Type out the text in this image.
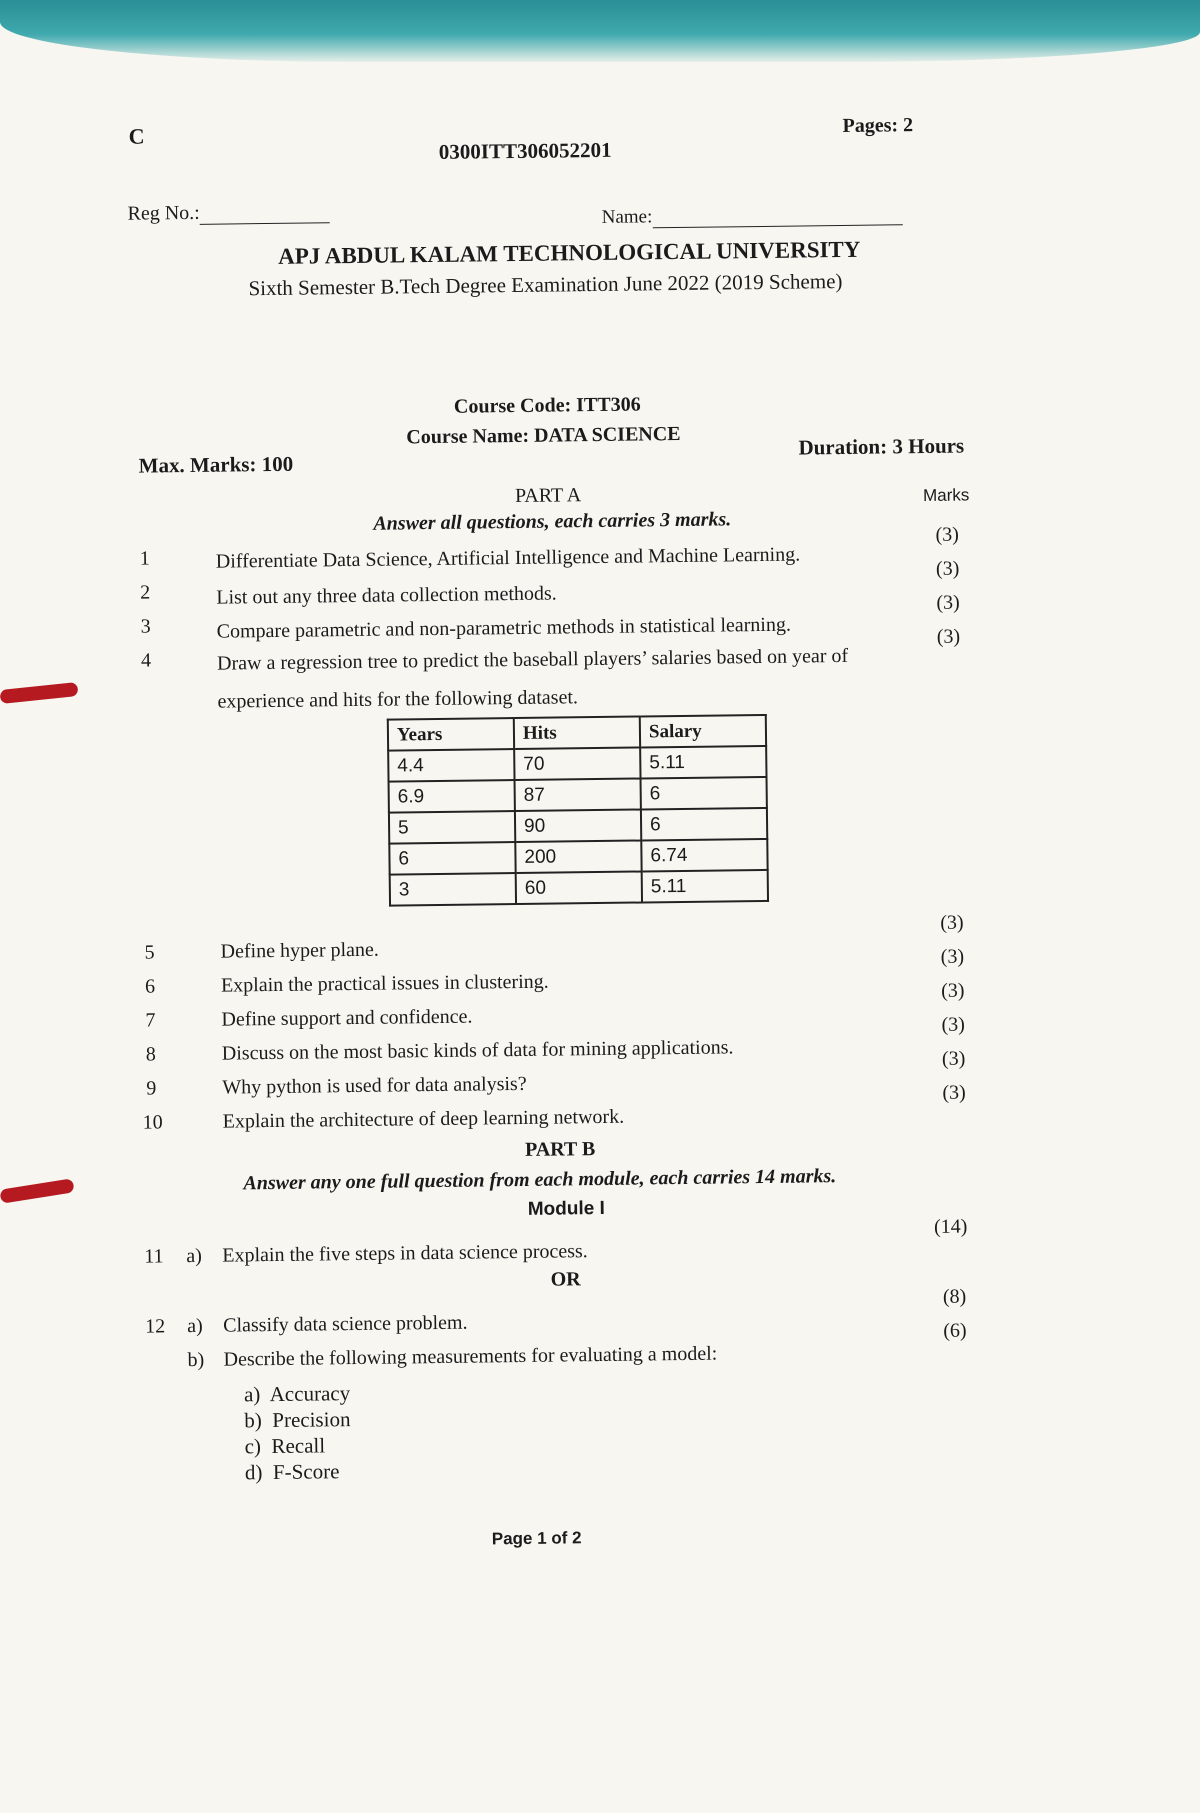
C
0300ITT306052201
Pages: 2
Reg No.:	Name:
APJ ABDUL KALAM TECHNOLOGICAL UNIVERSITY
Sixth Semester B.Tech Degree Examination June 2022 (2019 Scheme)
Course Code: ITT306
Course Name: DATA SCIENCE
Max. Marks: 100
Duration: 3 Hours
PART A
Answer all questions, each carries 3 marks.
Marks
1	Differentiate Data Science, Artificial Intelligence and Machine Learning.
(3)
2	List out any three data collection methods.
(3)
3	Compare parametric and non-parametric methods in statistical learning.
(3)
4	Draw a regression tree to predict the baseball players’ salaries based on year of
experience and hits for the following dataset.
(3)
Years	Hits	Salary
4.4	70	5.11
6.9	87	6
5	90	6
6	200	6.74
3	60	5.11
5	Define hyper plane.
(3)
6	Explain the practical issues in clustering.
(3)
7	Define support and confidence.
(3)
8	Discuss on the most basic kinds of data for mining applications.
(3)
9	Why python is used for data analysis?
(3)
10	Explain the architecture of deep learning network.
(3)
PART B
Answer any one full question from each module, each carries 14 marks.
Module I
11 a) Explain the five steps in data science process.
(14)
OR
12 a) Classify data science problem.
(8)
b) Describe the following measurements for evaluating a model:
(6)
a) Accuracy
b) Precision
c) Recall
d) F-Score
Page 1 of 2
